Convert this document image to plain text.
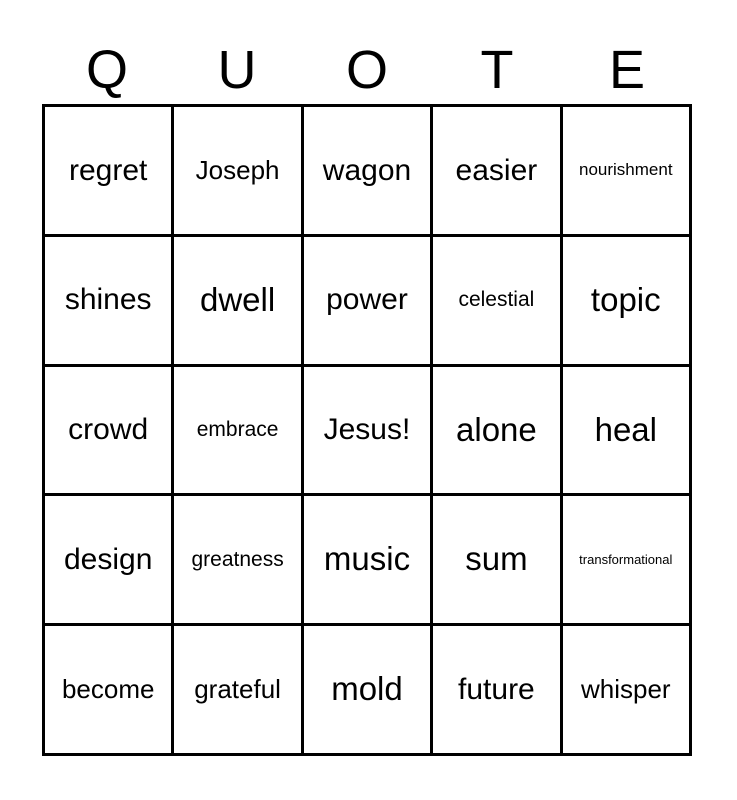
Q	U	O	T	E
regret	Joseph	wagon	easier	nourishment
shines	dwell	power	celestial	topic
crowd	embrace	Jesus!	alone	heal
design	greatness	music	sum	transformational
become	grateful	mold	future	whisper
